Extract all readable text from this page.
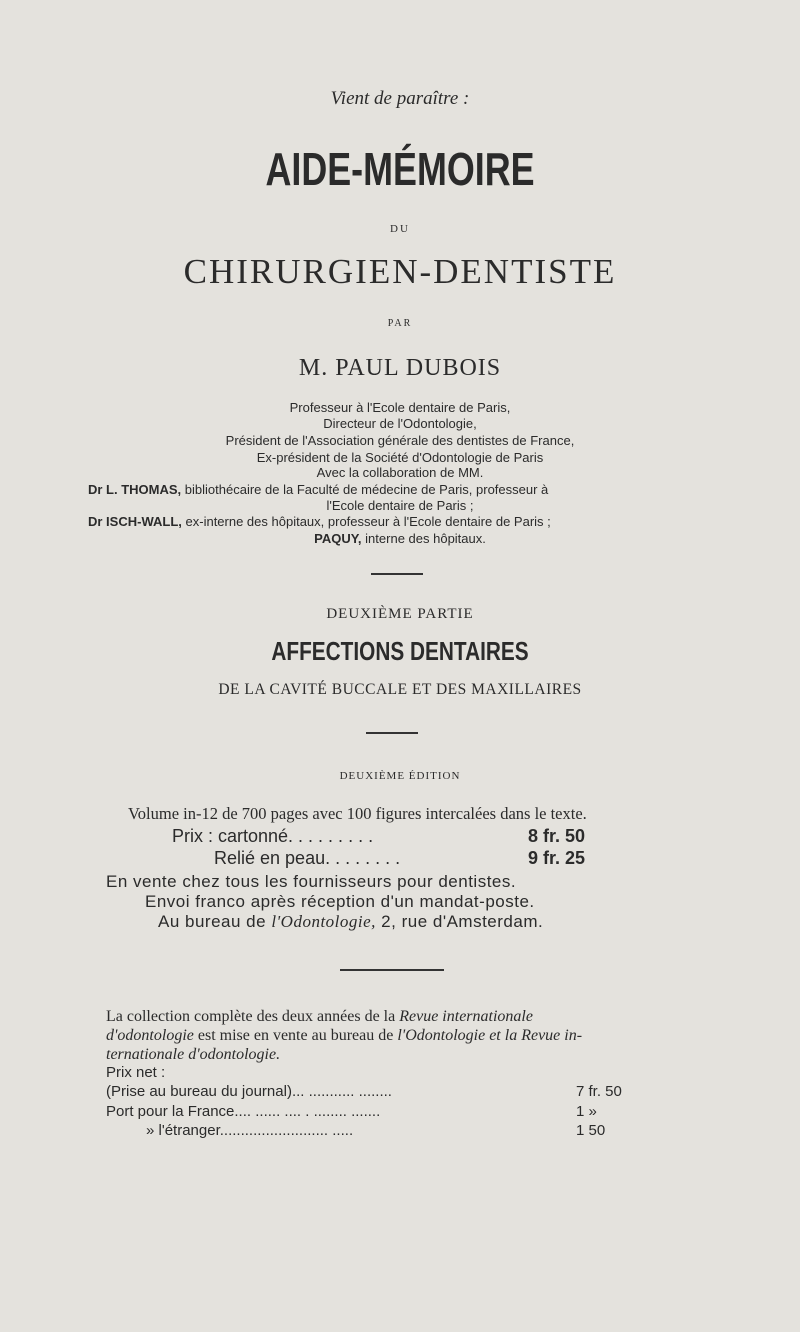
Vient de paraître :
AIDE-MÉMOIRE
DU
CHIRURGIEN-DENTISTE
PAR
M. PAUL DUBOIS
Professeur à l'Ecole dentaire de Paris,
Directeur de l'Odontologie,
Président de l'Association générale des dentistes de France,
Ex-président de la Société d'Odontologie de Paris
Avec la collaboration de MM.
Dr L. THOMAS, bibliothécaire de la Faculté de médecine de Paris, professeur à
l'Ecole dentaire de Paris ;
Dr ISCH-WALL, ex-interne des hôpitaux, professeur à l'Ecole dentaire de Paris ;
PAQUY, interne des hôpitaux.
DEUXIÈME PARTIE
AFFECTIONS DENTAIRES
DE LA CAVITÉ BUCCALE ET DES MAXILLAIRES
DEUXIÈME ÉDITION
Volume in-12 de 700 pages avec 100 figures intercalées dans le texte.
Prix : cartonné. . . . . . . . .	8 fr. 50
Relié en peau. . . . . . . .	9 fr. 25
En vente chez tous les fournisseurs pour dentistes.
Envoi franco après réception d'un mandat-poste.
Au bureau de l'Odontologie, 2, rue d'Amsterdam.
La collection complète des deux années de la Revue internationale
d'odontologie est mise en vente au bureau de l'Odontologie et la Revue in-
ternationale d'odontologie.
Prix net :
(Prise au bureau du journal)... ........... ........	7 fr. 50
Port pour la France.... ...... .... . ........ .......	1 »
» l'étranger.......................... .....	1 50
